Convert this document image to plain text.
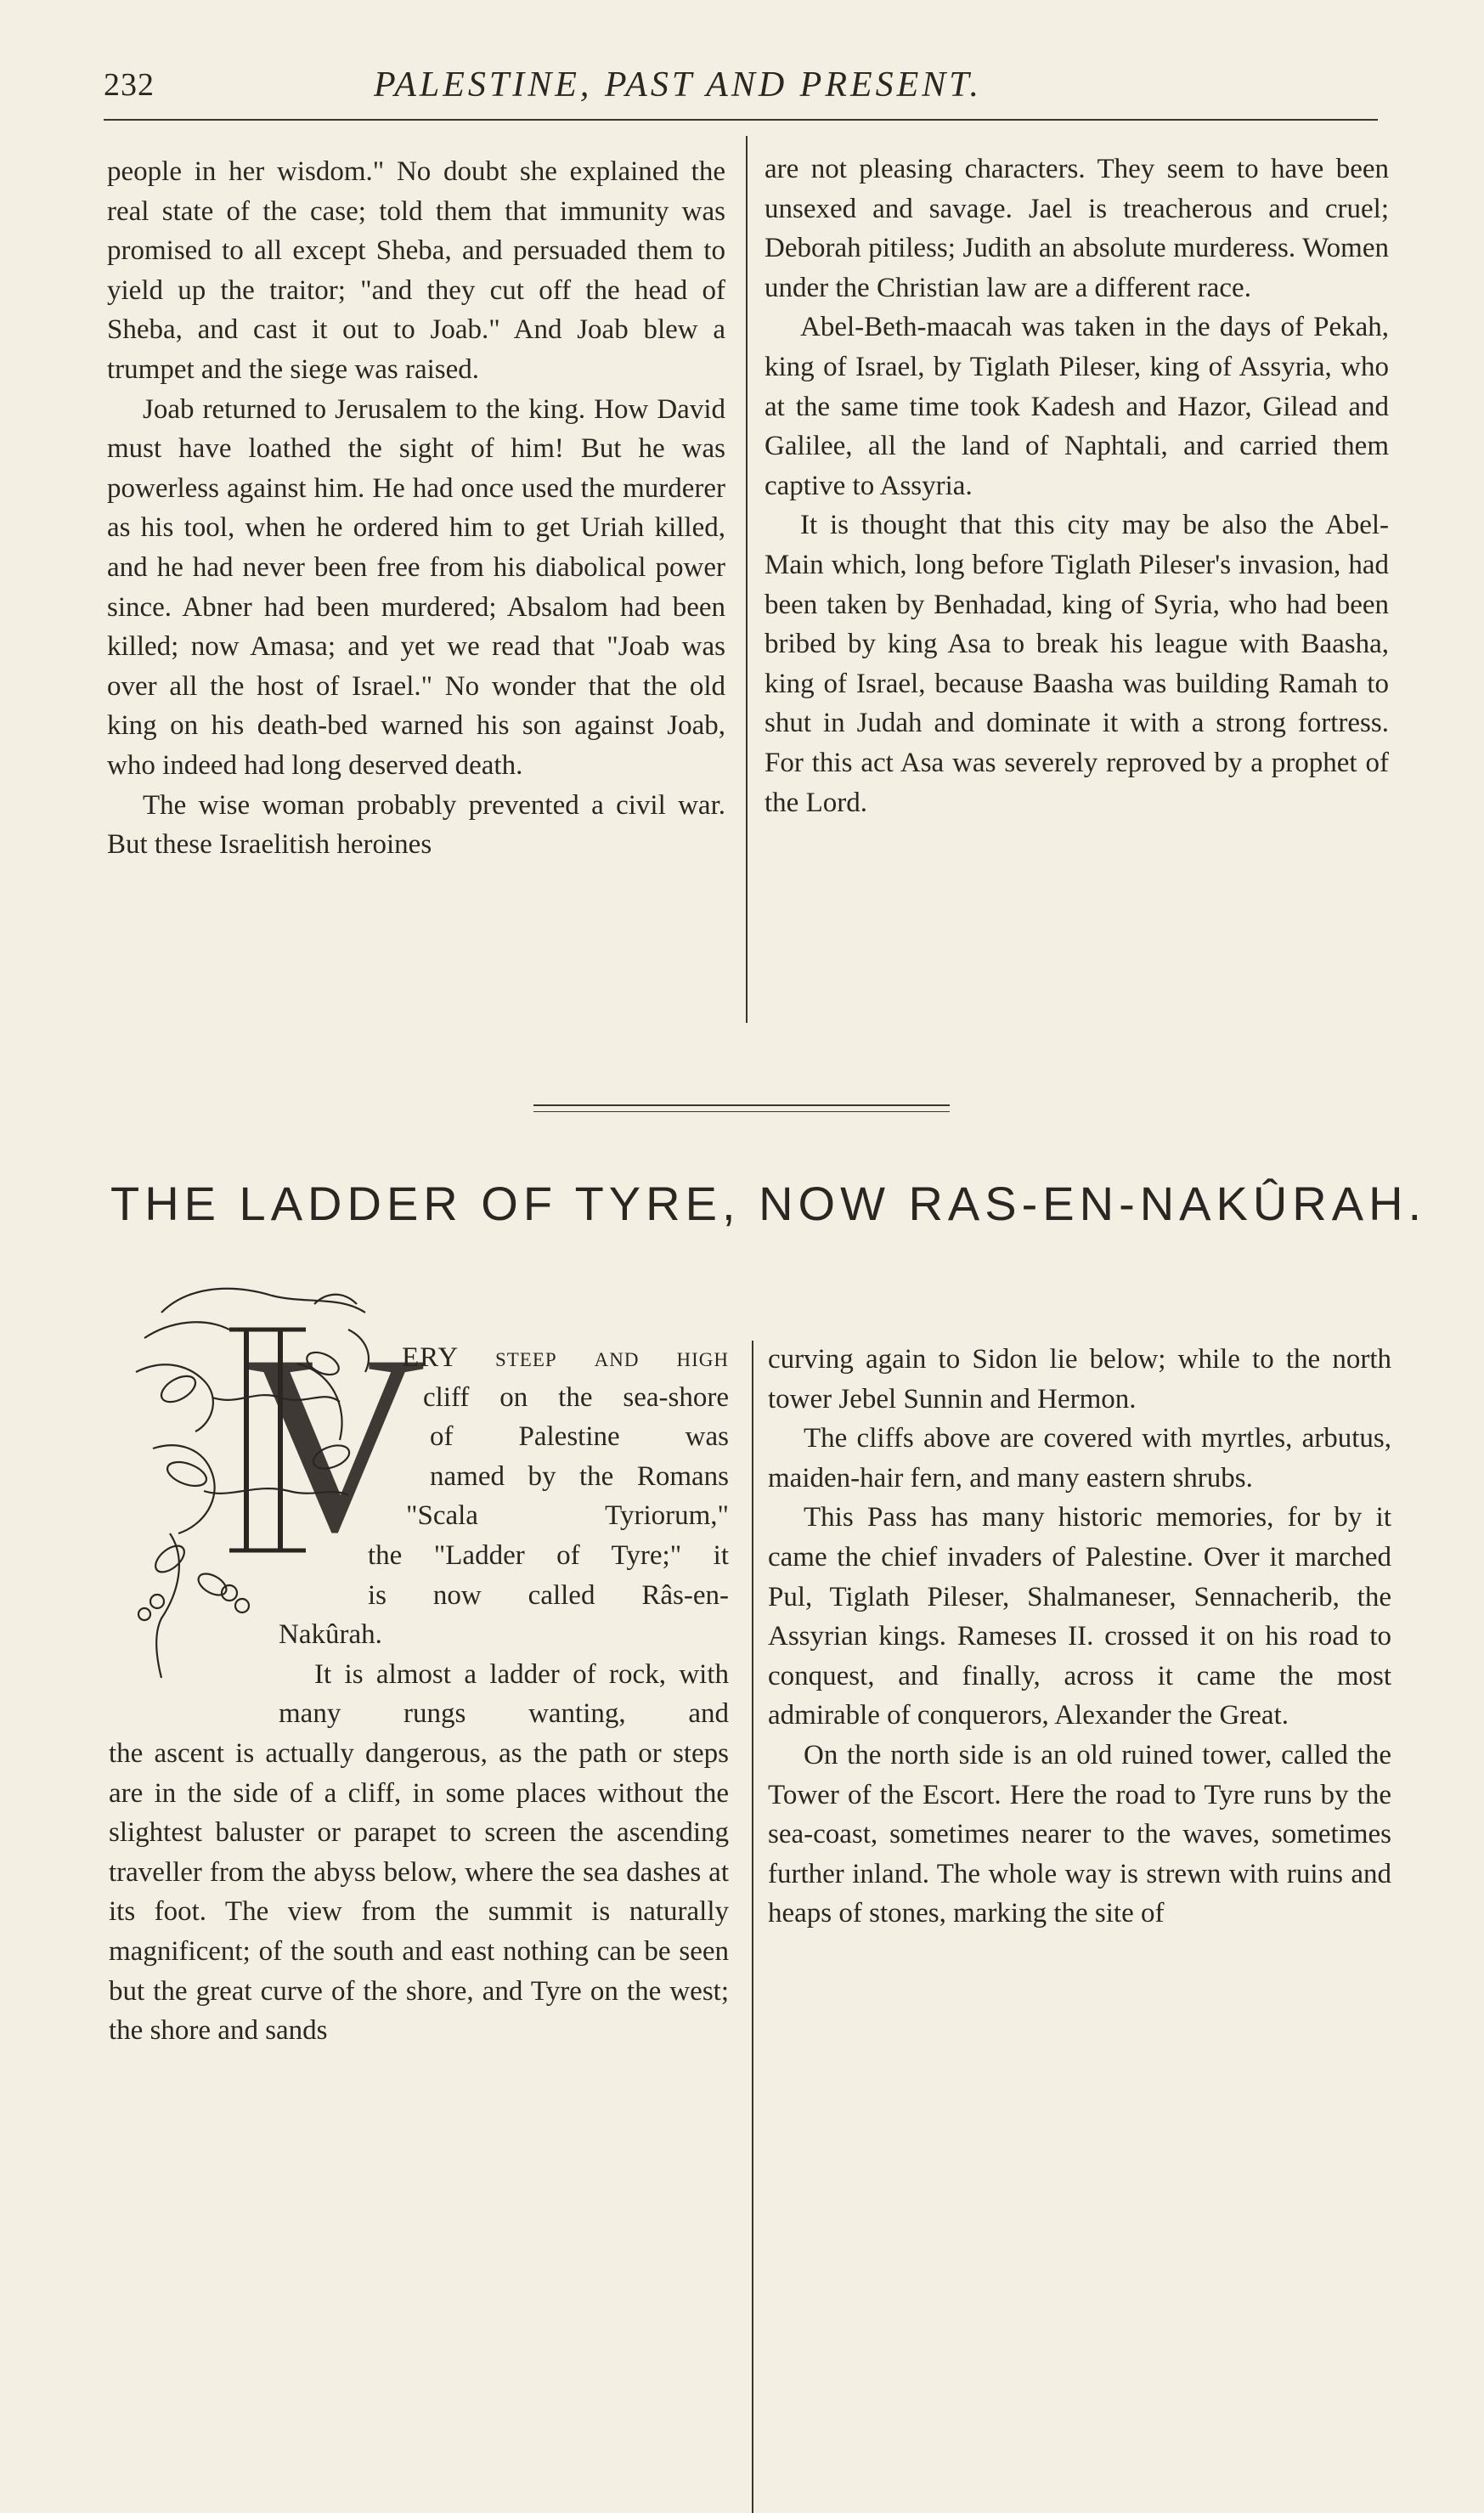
232	PALESTINE, PAST AND PRESENT.

people in her wisdom." No doubt she explained the real state of the case; told them that immunity was promised to all except Sheba, and persuaded them to yield up the traitor; "and they cut off the head of Sheba, and cast it out to Joab." And Joab blew a trumpet and the siege was raised.

Joab returned to Jerusalem to the king. How David must have loathed the sight of him! But he was powerless against him. He had once used the murderer as his tool, when he ordered him to get Uriah killed, and he had never been free from his diabolical power since. Abner had been murdered; Absalom had been killed; now Amasa; and yet we read that "Joab was over all the host of Israel." No wonder that the old king on his death-bed warned his son against Joab, who indeed had long deserved death.

The wise woman probably prevented a civil war. But these Israelitish heroines

are not pleasing characters. They seem to have been unsexed and savage. Jael is treacherous and cruel; Deborah pitiless; Judith an absolute murderess. Women under the Christian law are a different race.

Abel-Beth-maacah was taken in the days of Pekah, king of Israel, by Tiglath Pileser, king of Assyria, who at the same time took Kadesh and Hazor, Gilead and Galilee, all the land of Naphtali, and carried them captive to Assyria.

It is thought that this city may be also the Abel-Main which, long before Tiglath Pileser's invasion, had been taken by Benhadad, king of Syria, who had been bribed by king Asa to break his league with Baasha, king of Israel, because Baasha was building Ramah to shut in Judah and dominate it with a strong fortress. For this act Asa was severely reproved by a prophet of the Lord.

THE LADDER OF TYRE, NOW RAS-EN-NAKÛRAH.
V
ERY steep and high
cliff on the sea-shore
of Palestine was
named by the Romans
"Scala Tyriorum,"
the "Ladder of Tyre;" it
is now called Râs-en-
Nakûrah.
It is almost a ladder of rock, with many rungs wanting, and
the ascent is actually dangerous, as the path or steps are in the side of a cliff, in some places without the slightest baluster or parapet to screen the ascending traveller from the abyss below, where the sea dashes at its foot. The view from the summit is naturally magnificent; of the south and east nothing can be seen but the great curve of the shore, and Tyre on the west; the shore and sands

curving again to Sidon lie below; while to the north tower Jebel Sunnin and Hermon.

The cliffs above are covered with myrtles, arbutus, maiden-hair fern, and many eastern shrubs.

This Pass has many historic memories, for by it came the chief invaders of Palestine. Over it marched Pul, Tiglath Pileser, Shalmaneser, Sennacherib, the Assyrian kings. Rameses II. crossed it on his road to conquest, and finally, across it came the most admirable of conquerors, Alexander the Great.

On the north side is an old ruined tower, called the Tower of the Escort. Here the road to Tyre runs by the sea-coast, sometimes nearer to the waves, sometimes further inland. The whole way is strewn with ruins and heaps of stones, marking the site of
